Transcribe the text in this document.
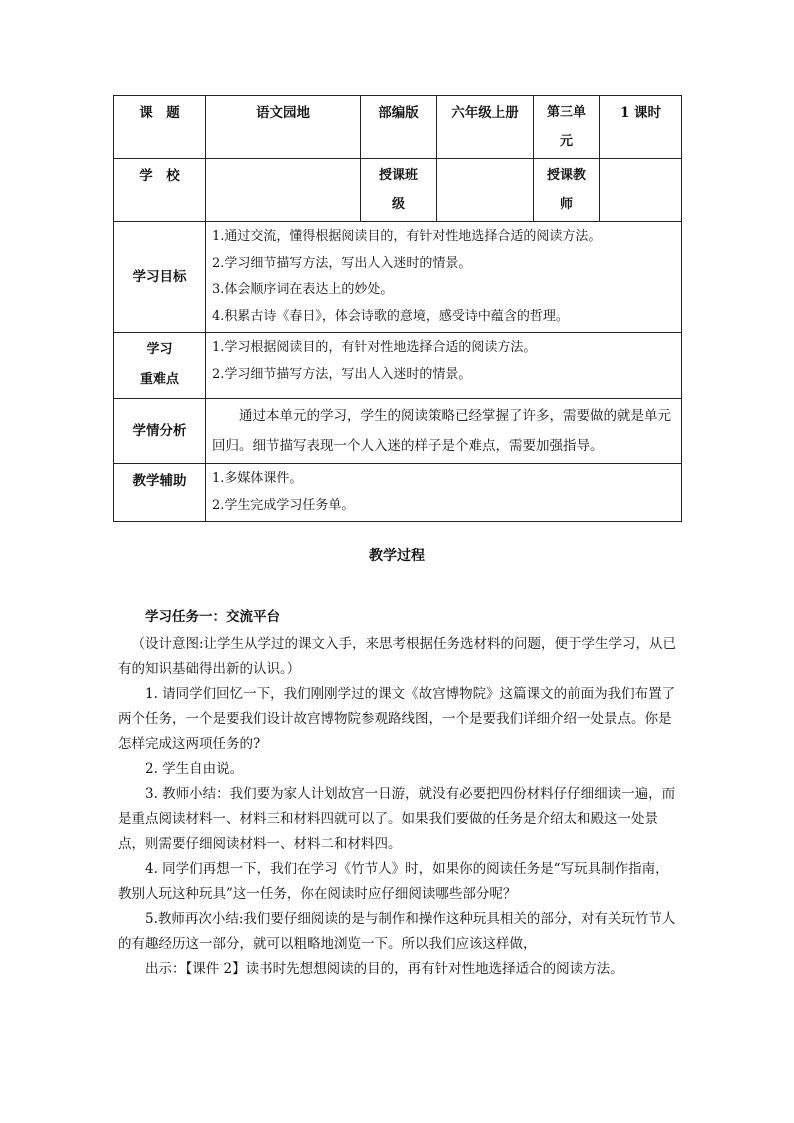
课　题	语文园地	部编版	六年级上册	第三单
元	1 课时
学　校		授课班
级		授课教
师	

学习目标	1.通过交流，懂得根据阅读目的，有针对性地选择合适的阅读方法。
2.学习细节描写方法，写出人入迷时的情景。
3.体会顺序词在表达上的妙处。
4.积累古诗《春日》，体会诗歌的意境，感受诗中蕴含的哲理。				

学习
重难点	1.学习根据阅读目的，有针对性地选择合适的阅读方法。
2.学习细节描写方法，写出人入迷时的情景。				

学情分析	通过本单元的学习，学生的阅读策略已经掌握了许多，需要做的就是单元回归。细节描写表现一个人入迷的样子是个难点，需要加强指导。				
教学辅助	1.多媒体课件。
2.学生完成学习任务单。				
教学过程

学习任务一：交流平台

（设计意图:让学生从学过的课文入手，来思考根据任务选材料的问题，便于学生学习，从已有的知识基础得出新的认识。）

1. 请同学们回忆一下，我们刚刚学过的课文《故宫博物院》这篇课文的前面为我们布置了两个任务，一个是要我们设计故宫博物院参观路线图，一个是要我们详细介绍一处景点。你是怎样完成这两项任务的?

2. 学生自由说。

3. 教师小结：我们要为家人计划故宫一日游，就没有必要把四份材料仔仔细细读一遍，而是重点阅读材料一、材料三和材料四就可以了。如果我们要做的任务是介绍太和殿这一处景点，则需要仔细阅读材料一、材料二和材料四。

4. 同学们再想一下，我们在学习《竹节人》时，如果你的阅读任务是“写玩具制作指南，教别人玩这种玩具”这一任务，你在阅读时应仔细阅读哪些部分呢？

5.教师再次小结:我们要仔细阅读的是与制作和操作这种玩具相关的部分，对有关玩竹节人的有趣经历这一部分，就可以粗略地浏览一下。所以我们应该这样做，

出示：【课件 2】读书时先想想阅读的目的，再有针对性地选择适合的阅读方法。
